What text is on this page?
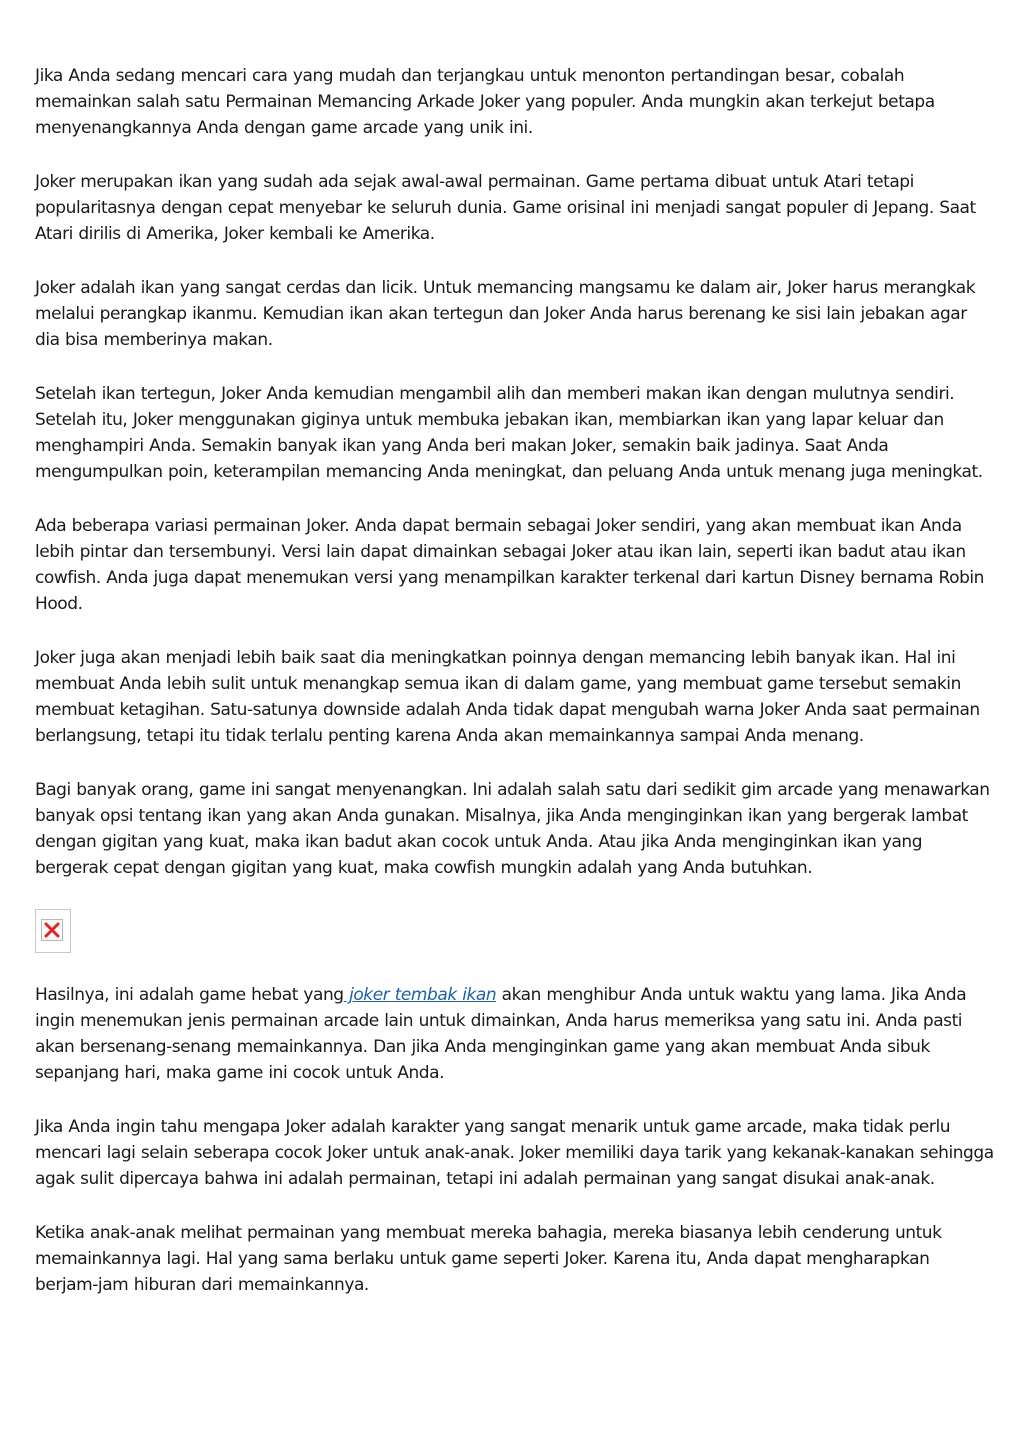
Jika Anda sedang mencari cara yang mudah dan terjangkau untuk menonton pertandingan besar, cobalah memainkan salah satu Permainan Memancing Arkade Joker yang populer. Anda mungkin akan terkejut betapa menyenangkannya Anda dengan game arcade yang unik ini.

Joker merupakan ikan yang sudah ada sejak awal-awal permainan. Game pertama dibuat untuk Atari tetapi popularitasnya dengan cepat menyebar ke seluruh dunia. Game orisinal ini menjadi sangat populer di Jepang. Saat Atari dirilis di Amerika, Joker kembali ke Amerika.

Joker adalah ikan yang sangat cerdas dan licik. Untuk memancing mangsamu ke dalam air, Joker harus merangkak melalui perangkap ikanmu. Kemudian ikan akan tertegun dan Joker Anda harus berenang ke sisi lain jebakan agar dia bisa memberinya makan.

Setelah ikan tertegun, Joker Anda kemudian mengambil alih dan memberi makan ikan dengan mulutnya sendiri. Setelah itu, Joker menggunakan giginya untuk membuka jebakan ikan, membiarkan ikan yang lapar keluar dan menghampiri Anda. Semakin banyak ikan yang Anda beri makan Joker, semakin baik jadinya. Saat Anda mengumpulkan poin, keterampilan memancing Anda meningkat, dan peluang Anda untuk menang juga meningkat.

Ada beberapa variasi permainan Joker. Anda dapat bermain sebagai Joker sendiri, yang akan membuat ikan Anda lebih pintar dan tersembunyi. Versi lain dapat dimainkan sebagai Joker atau ikan lain, seperti ikan badut atau ikan cowfish. Anda juga dapat menemukan versi yang menampilkan karakter terkenal dari kartun Disney bernama Robin Hood.

Joker juga akan menjadi lebih baik saat dia meningkatkan poinnya dengan memancing lebih banyak ikan. Hal ini membuat Anda lebih sulit untuk menangkap semua ikan di dalam game, yang membuat game tersebut semakin membuat ketagihan. Satu-satunya downside adalah Anda tidak dapat mengubah warna Joker Anda saat permainan berlangsung, tetapi itu tidak terlalu penting karena Anda akan memainkannya sampai Anda menang.

Bagi banyak orang, game ini sangat menyenangkan. Ini adalah salah satu dari sedikit gim arcade yang menawarkan banyak opsi tentang ikan yang akan Anda gunakan. Misalnya, jika Anda menginginkan ikan yang bergerak lambat dengan gigitan yang kuat, maka ikan badut akan cocok untuk Anda. Atau jika Anda menginginkan ikan yang bergerak cepat dengan gigitan yang kuat, maka cowfish mungkin adalah yang Anda butuhkan.

Hasilnya, ini adalah game hebat yang joker tembak ikan akan menghibur Anda untuk waktu yang lama. Jika Anda ingin menemukan jenis permainan arcade lain untuk dimainkan, Anda harus memeriksa yang satu ini. Anda pasti akan bersenang-senang memainkannya. Dan jika Anda menginginkan game yang akan membuat Anda sibuk sepanjang hari, maka game ini cocok untuk Anda.

Jika Anda ingin tahu mengapa Joker adalah karakter yang sangat menarik untuk game arcade, maka tidak perlu mencari lagi selain seberapa cocok Joker untuk anak-anak. Joker memiliki daya tarik yang kekanak-kanakan sehingga agak sulit dipercaya bahwa ini adalah permainan, tetapi ini adalah permainan yang sangat disukai anak-anak.

Ketika anak-anak melihat permainan yang membuat mereka bahagia, mereka biasanya lebih cenderung untuk memainkannya lagi. Hal yang sama berlaku untuk game seperti Joker. Karena itu, Anda dapat mengharapkan berjam-jam hiburan dari memainkannya.
